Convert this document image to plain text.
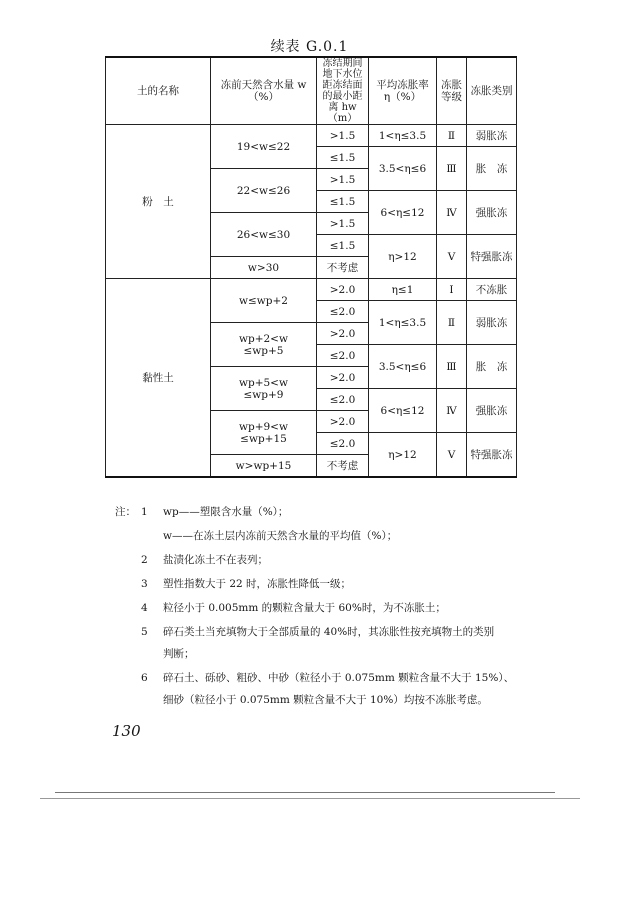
续表 G.0.1
土的名称	冻前天然含水量 w（%）	冻结期间地下水位距冻结面的最小距离 hw（m）	平均冻胀率 η（%）	冻胀等级	冻胀类别
粉　土	19<w≤22	>1.5	1<η≤3.5	Ⅱ	弱胀冻
		≤1.5	3.5<η≤6	Ⅲ	胀　冻
	22<w≤26	>1.5			
		≤1.5	6<η≤12	Ⅳ	强胀冻
	26<w≤30	>1.5			
		≤1.5	η>12	Ⅴ	特强胀冻
	w>30	不考虑			
黏性土	w≤wp+2	>2.0	η≤1	Ⅰ	不冻胀
		≤2.0	1<η≤3.5	Ⅱ	弱胀冻
	wp+2<w ≤wp+5	>2.0			
		≤2.0	3.5<η≤6	Ⅲ	胀　冻
	wp+5<w ≤wp+9	>2.0			
		≤2.0	6<η≤12	Ⅳ	强胀冻
	wp+9<w ≤wp+15	>2.0			
		≤2.0	η>12	Ⅴ	特强胀冻
	w>wp+15	不考虑			
注： 1 wp——塑限含水量（%）；
w——在冻土层内冻前天然含水量的平均值（%）；
2 盐渍化冻土不在表列；
3 塑性指数大于 22 时，冻胀性降低一级；
4 粒径小于 0.005mm 的颗粒含量大于 60%时，为不冻胀土；
5 碎石类土当充填物大于全部质量的 40%时，其冻胀性按充填物土的类别
判断；
6 碎石土、砾砂、粗砂、中砂（粒径小于 0.075mm 颗粒含量不大于 15%）、
细砂（粒径小于 0.075mm 颗粒含量不大于 10%）均按不冻胀考虑。
130
